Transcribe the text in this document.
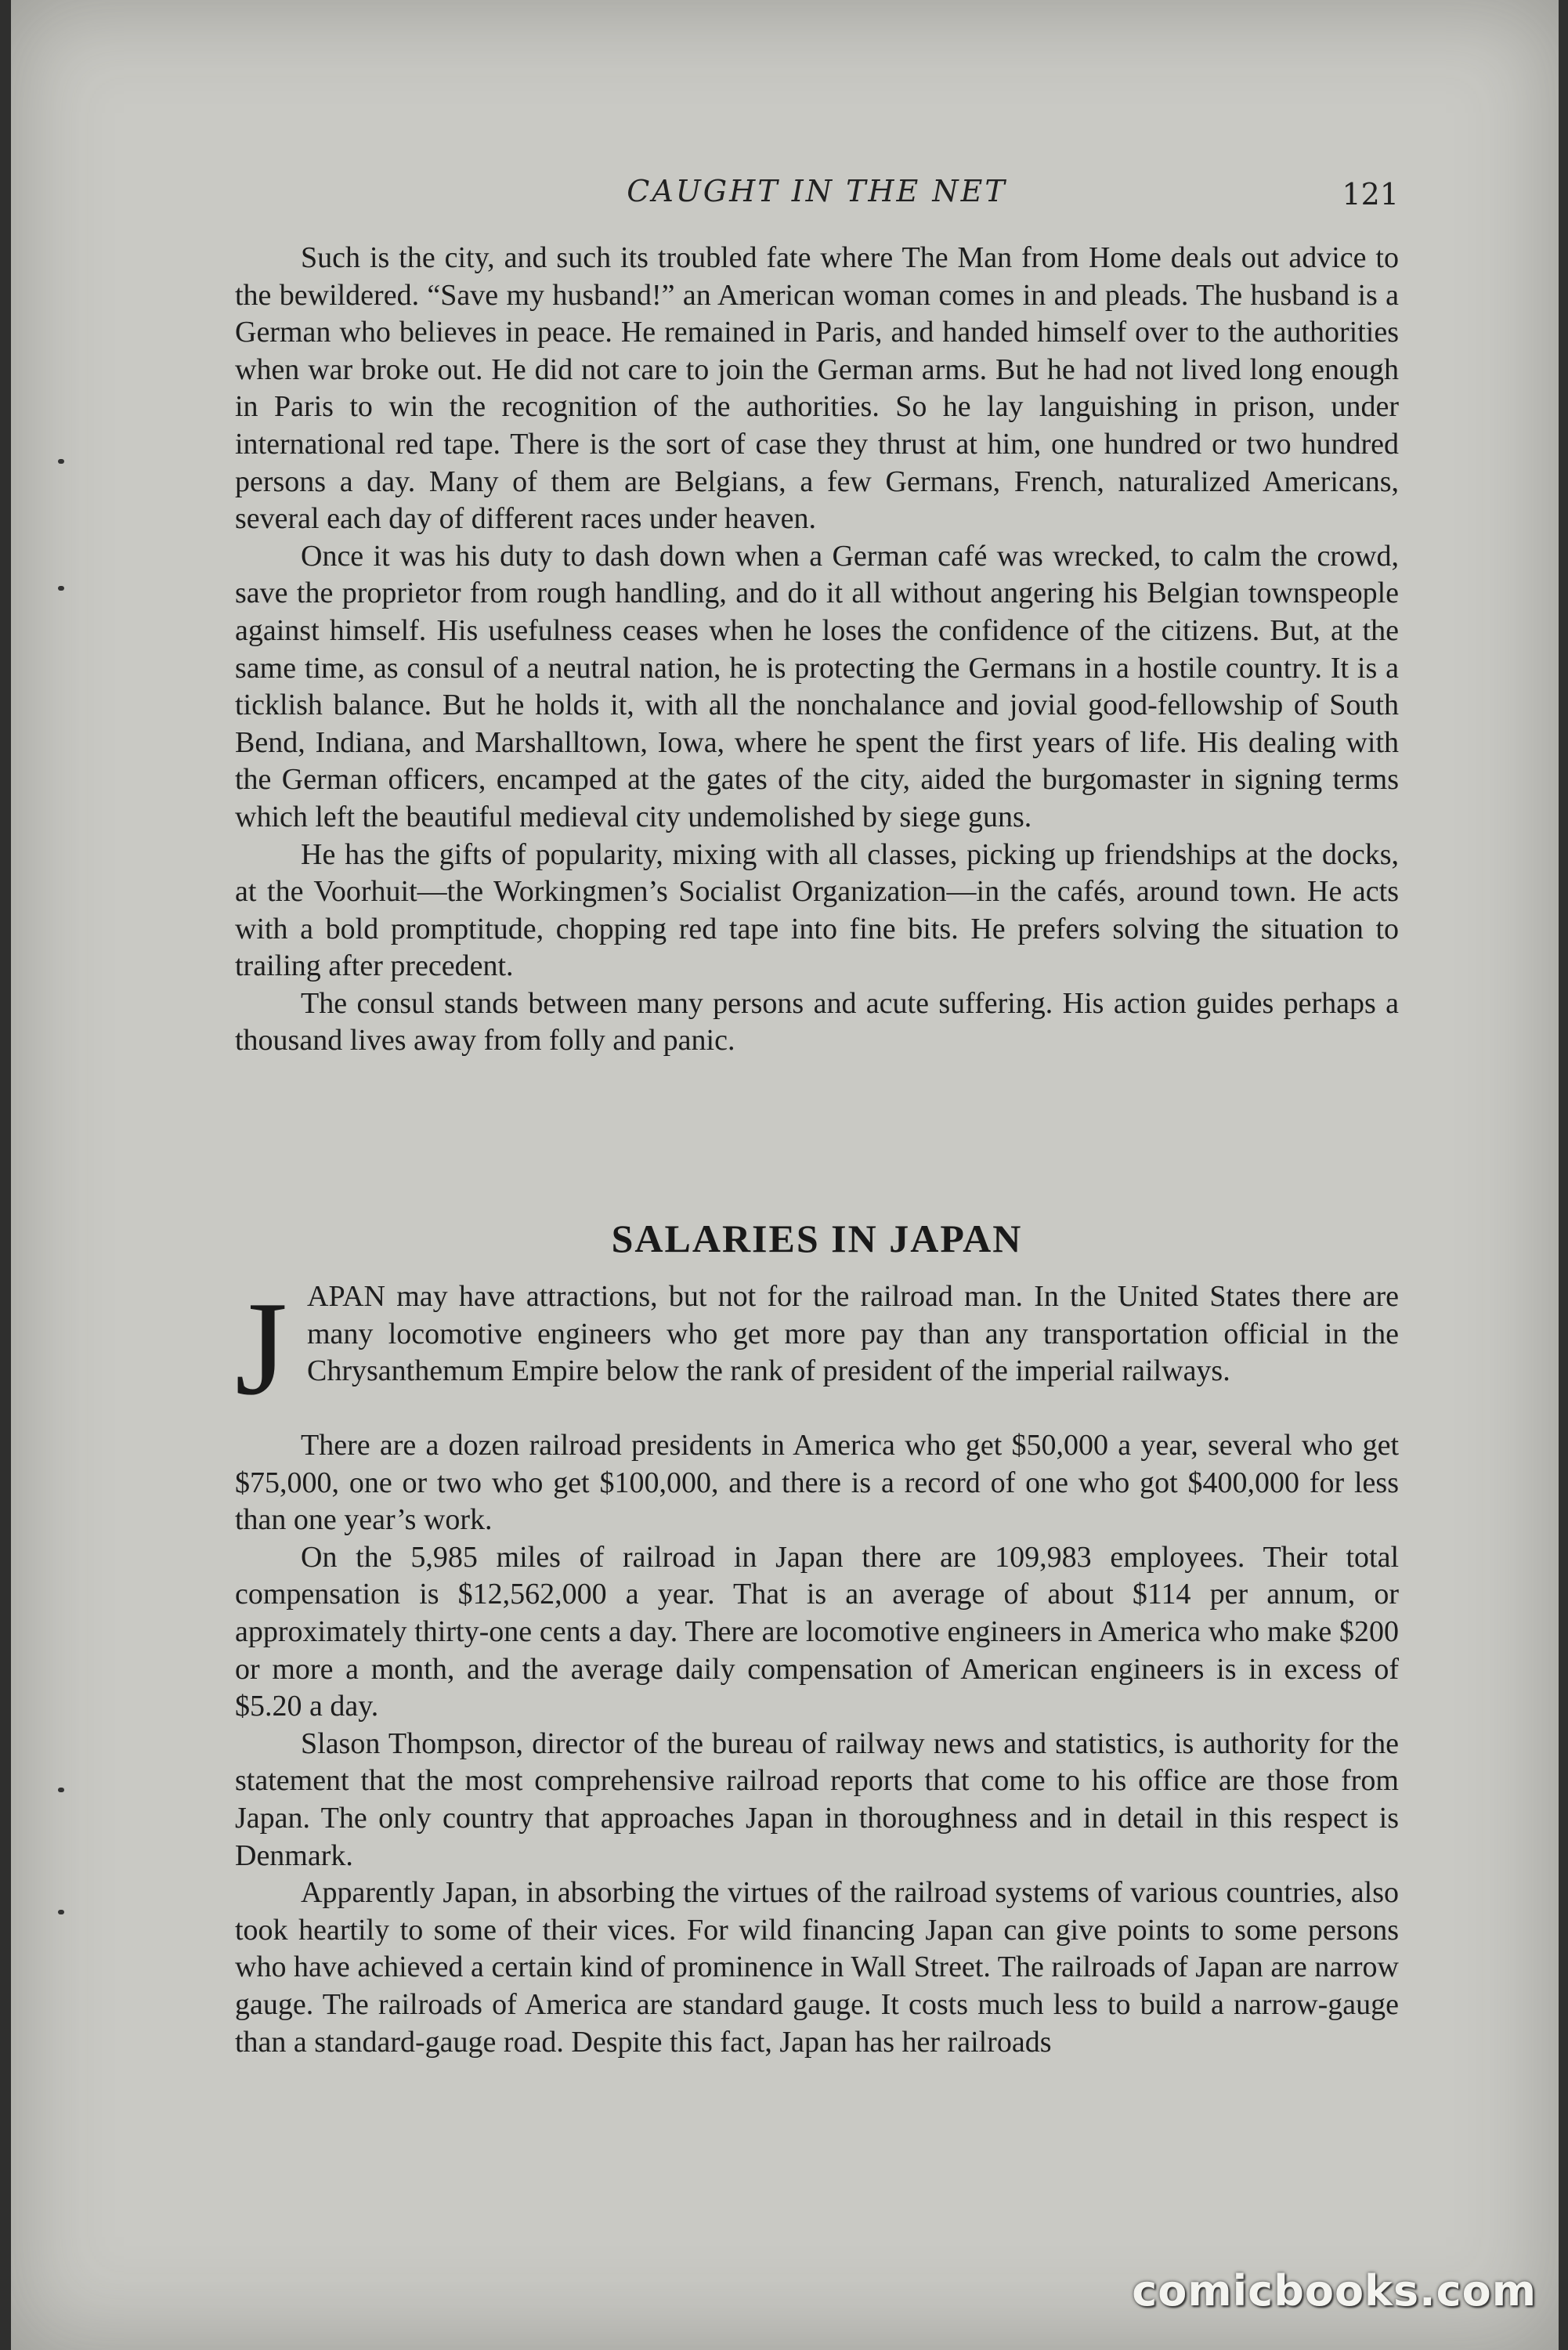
CAUGHT IN THE NET	121

Such is the city, and such its troubled fate where The Man from Home deals out advice to the bewildered. “Save my husband!” an American woman comes in and pleads. The husband is a German who believes in peace. He remained in Paris, and handed himself over to the authorities when war broke out. He did not care to join the German arms. But he had not lived long enough in Paris to win the recognition of the authorities. So he lay languishing in prison, under international red tape. There is the sort of case they thrust at him, one hundred or two hundred persons a day. Many of them are Belgians, a few Germans, French, naturalized Americans, several each day of different races under heaven.

Once it was his duty to dash down when a German café was wrecked, to calm the crowd, save the proprietor from rough handling, and do it all without angering his Belgian townspeople against himself. His usefulness ceases when he loses the confidence of the citizens. But, at the same time, as consul of a neutral nation, he is protecting the Germans in a hostile country. It is a ticklish balance. But he holds it, with all the nonchalance and jovial good-fellowship of South Bend, Indiana, and Marshalltown, Iowa, where he spent the first years of life. His dealing with the German officers, encamped at the gates of the city, aided the burgomaster in signing terms which left the beautiful medieval city undemolished by siege guns.

He has the gifts of popularity, mixing with all classes, picking up friendships at the docks, at the Voorhuit—the Workingmen’s Socialist Organization—in the cafés, around town. He acts with a bold promptitude, chopping red tape into fine bits. He prefers solving the situation to trailing after precedent.

The consul stands between many persons and acute suffering. His action guides perhaps a thousand lives away from folly and panic.

SALARIES IN JAPAN
J APAN may have attractions, but not for the railroad man. In the United States there are many locomotive engineers who get more pay than any transportation official in the Chrysanthemum Empire below the rank of president of the imperial railways.

There are a dozen railroad presidents in America who get $50,000 a year, several who get $75,000, one or two who get $100,000, and there is a record of one who got $400,000 for less than one year’s work.

On the 5,985 miles of railroad in Japan there are 109,983 employees. Their total compensation is $12,562,000 a year. That is an average of about $114 per annum, or approximately thirty-one cents a day. There are locomotive engineers in America who make $200 or more a month, and the average daily compensation of American engineers is in excess of $5.20 a day.

Slason Thompson, director of the bureau of railway news and statistics, is authority for the statement that the most comprehensive railroad reports that come to his office are those from Japan. The only country that approaches Japan in thoroughness and in detail in this respect is Denmark.

Apparently Japan, in absorbing the virtues of the railroad systems of various countries, also took heartily to some of their vices. For wild financing Japan can give points to some persons who have achieved a certain kind of prominence in Wall Street. The railroads of Japan are narrow gauge. The railroads of America are standard gauge. It costs much less to build a narrow-gauge than a standard-gauge road. Despite this fact, Japan has her railroads

comicbooks.com
